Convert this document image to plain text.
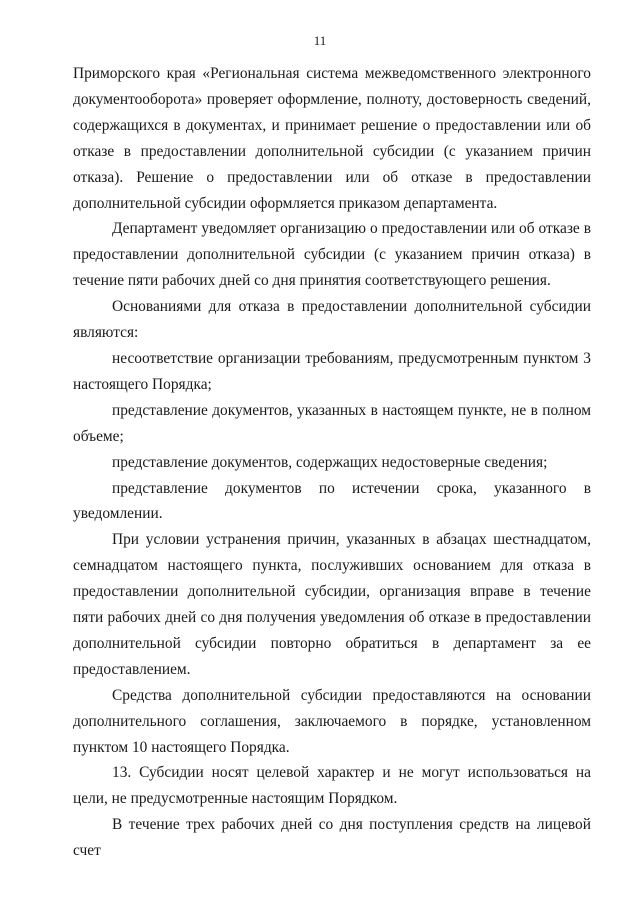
11

Приморского края «Региональная система межведомственного электронного документооборота» проверяет оформление, полноту, достоверность сведений, содержащихся в документах, и принимает решение о предоставлении или об отказе в предоставлении дополнительной субсидии (с указанием причин отказа). Решение о предоставлении или об отказе в предоставлении дополнительной субсидии оформляется приказом департамента.

Департамент уведомляет организацию о предоставлении или об отказе в предоставлении дополнительной субсидии (с указанием причин отказа) в течение пяти рабочих дней со дня принятия соответствующего решения.

Основаниями для отказа в предоставлении дополнительной субсидии являются:

несоответствие организации требованиям, предусмотренным пунктом 3 настоящего Порядка;

представление документов, указанных в настоящем пункте, не в полном объеме;

представление документов, содержащих недостоверные сведения;

представление документов по истечении срока, указанного в уведомлении.

При условии устранения причин, указанных в абзацах шестнадцатом, семнадцатом настоящего пункта, послуживших основанием для отказа в предоставлении дополнительной субсидии, организация вправе в течение пяти рабочих дней со дня получения уведомления об отказе в предоставлении дополнительной субсидии повторно обратиться в департамент за ее предоставлением.

Средства дополнительной субсидии предоставляются на основании дополнительного соглашения, заключаемого в порядке, установленном пунктом 10 настоящего Порядка.

13. Субсидии носят целевой характер и не могут использоваться на цели, не предусмотренные настоящим Порядком.

В течение трех рабочих дней со дня поступления средств на лицевой счет
